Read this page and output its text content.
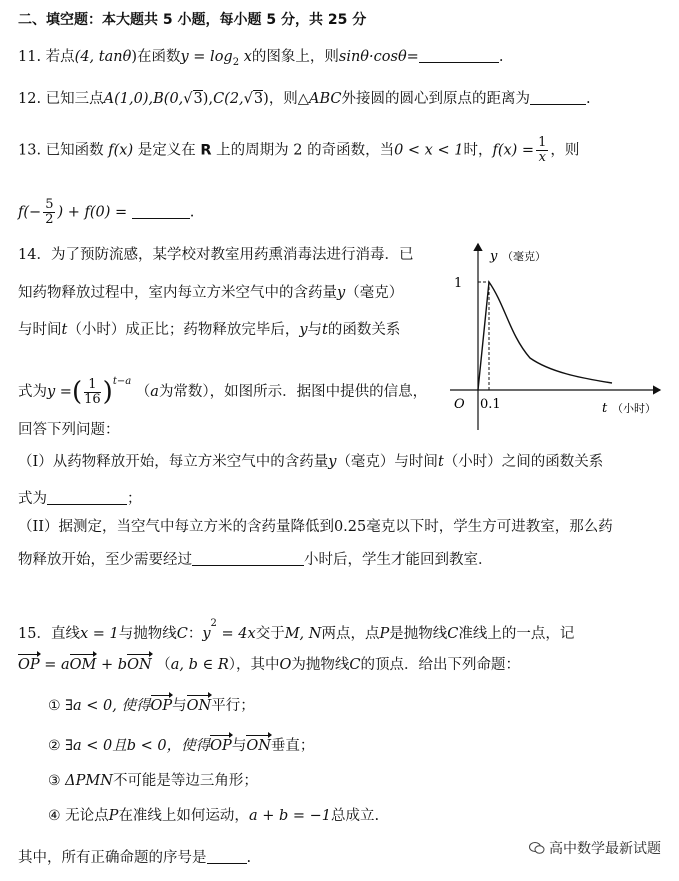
二、填空题：本大题共 5 小题，每小题 5 分，共 25 分
11. 若点(4, tanθ)在函数$y = \log_2 x$的图象上，则sinθ·cosθ=	.
12. 已知三点A(1,0),B(0,√3),C(2,√3)，则△ABC外接圆的圆心到原点的距离为	.
13. 已知函数 f(x) 是定义在 R 上的周期为 2 的奇函数，当0 < x < 1时，$f(x) = \frac{1}{x}$ ，则
$f(- \frac{5}{2}$ ) + f(0) =	.
14．为了预防流感，某学校对教室用药熏消毒法进行消毒．已
知药物释放过程中，室内每立方米空气中的含药量y（毫克）
与时间t（小时）成正比；药物释放完毕后，y与t的函数关系
式为y =( $\frac{1}{16} )^{t-a}$ （a为常数），如图所示．据图中提供的信息，
回答下列问题：
（I）从药物释放开始，每立方米空气中的含药量y（毫克）与时间t（小时）之间的函数关系
式为	；
（II）据测定，当空气中每立方米的含药量降低到0.25毫克以下时，学生方可进教室，那么药
物释放开始，至少需要经过	小时后，学生才能回到教室．
y （毫克）
1
O 0.1	t （小时）
15．直线x = 1与抛物线C：$y^2 = 4x$交于M, N两点，点P是抛物线C准线上的一点，记
OP = aOM + bON （a, b ∈ R），其中O为抛物线C的顶点．给出下列命题：
① ∃a < 0, 使得OP与ON平行；
② ∃a < 0且b < 0，使得OP与ON垂直；
③ ΔPMN不可能是等边三角形；
④ 无论点P在准线上如何运动，a + b = −1总成立.
其中，所有正确命题的序号是	.
高中数学最新试题
